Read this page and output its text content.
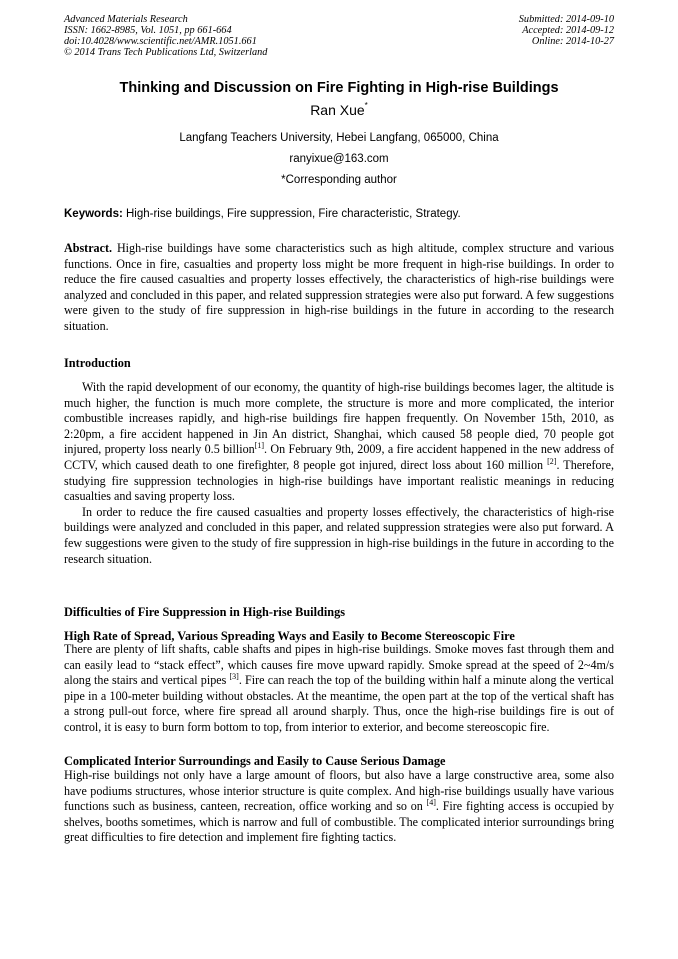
Advanced Materials Research
ISSN: 1662-8985, Vol. 1051, pp 661-664
doi:10.4028/www.scientific.net/AMR.1051.661
© 2014 Trans Tech Publications Ltd, Switzerland
Submitted: 2014-09-10
Accepted: 2014-09-12
Online: 2014-10-27
Thinking and Discussion on Fire Fighting in High-rise Buildings
Ran Xue*
Langfang Teachers University, Hebei Langfang, 065000, China
ranyixue@163.com
*Corresponding author
Keywords: High-rise buildings, Fire suppression, Fire characteristic, Strategy.

Abstract. High-rise buildings have some characteristics such as high altitude, complex structure and various functions. Once in fire, casualties and property loss might be more frequent in high-rise buildings. In order to reduce the fire caused casualties and property losses effectively, the characteristics of high-rise buildings were analyzed and concluded in this paper, and related suppression strategies were also put forward. A few suggestions were given to the study of fire suppression in high-rise buildings in the future in according to the research situation.

Introduction

With the rapid development of our economy, the quantity of high-rise buildings becomes lager, the altitude is much higher, the function is much more complete, the structure is more and more complicated, the interior combustible increases rapidly, and high-rise buildings fire happen frequently. On November 15th, 2010, as 2:20pm, a fire accident happened in Jin An district, Shanghai, which caused 58 people died, 70 people got injured, property loss nearly 0.5 billion[1]. On February 9th, 2009, a fire accident happened in the new address of CCTV, which caused death to one firefighter, 8 people got injured, direct loss about 160 million [2]. Therefore, studying fire suppression technologies in high-rise buildings have important realistic meanings in reducing casualties and saving property loss.

In order to reduce the fire caused casualties and property losses effectively, the characteristics of high-rise buildings were analyzed and concluded in this paper, and related suppression strategies were also put forward. A few suggestions were given to the study of fire suppression in high-rise buildings in the future in according to the research situation.

Difficulties of Fire Suppression in High-rise Buildings
High Rate of Spread, Various Spreading Ways and Easily to Become Stereoscopic Fire

There are plenty of lift shafts, cable shafts and pipes in high-rise buildings. Smoke moves fast through them and can easily lead to “stack effect”, which causes fire move upward rapidly. Smoke spread at the speed of 2~4m/s along the stairs and vertical pipes [3]. Fire can reach the top of the building within half a minute along the vertical pipe in a 100-meter building without obstacles. At the meantime, the open part at the top of the vertical shaft has a strong pull-out force, where fire spread all around sharply. Thus, once the high-rise buildings fire is out of control, it is easy to burn form bottom to top, from interior to exterior, and become stereoscopic fire.

Complicated Interior Surroundings and Easily to Cause Serious Damage

High-rise buildings not only have a large amount of floors, but also have a large constructive area, some also have podiums structures, whose interior structure is quite complex. And high-rise buildings usually have various functions such as business, canteen, recreation, office working and so on [4]. Fire fighting access is occupied by shelves, booths sometimes, which is narrow and full of combustible. The complicated interior surroundings bring great difficulties to fire detection and implement fire fighting tactics.
